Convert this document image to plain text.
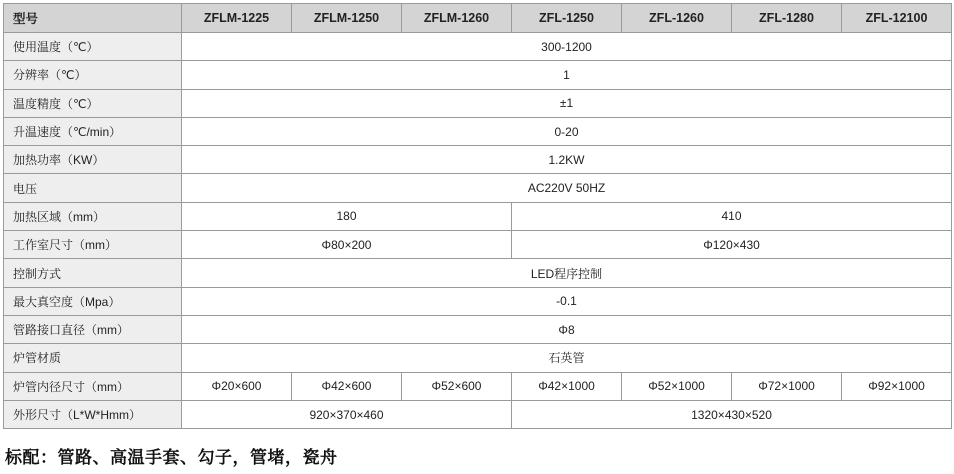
型号	ZFLM-1225	ZFLM-1250	ZFLM-1260	ZFL-1250	ZFL-1260	ZFL-1280	ZFL-12100
使用温度（℃）	300-1200						
分辨率（℃）	1						
温度精度（℃）	±1						
升温速度（℃/min）	0-20						
加热功率（KW）	1.2KW						
电压	AC220V 50HZ						
加热区域（mm）	180			410			
工作室尺寸（mm）	Φ80×200			Φ120×430			
控制方式	LED程序控制						
最大真空度（Mpa）	-0.1						
管路接口直径（mm）	Φ8						
炉管材质	石英管						
炉管内径尺寸（mm）	Φ20×600	Φ42×600	Φ52×600	Φ42×1000	Φ52×1000	Φ72×1000	Φ92×1000
外形尺寸（L*W*Hmm）	920×370×460			1320×430×520			
标配：管路、高温手套、勾子，管堵，瓷舟
